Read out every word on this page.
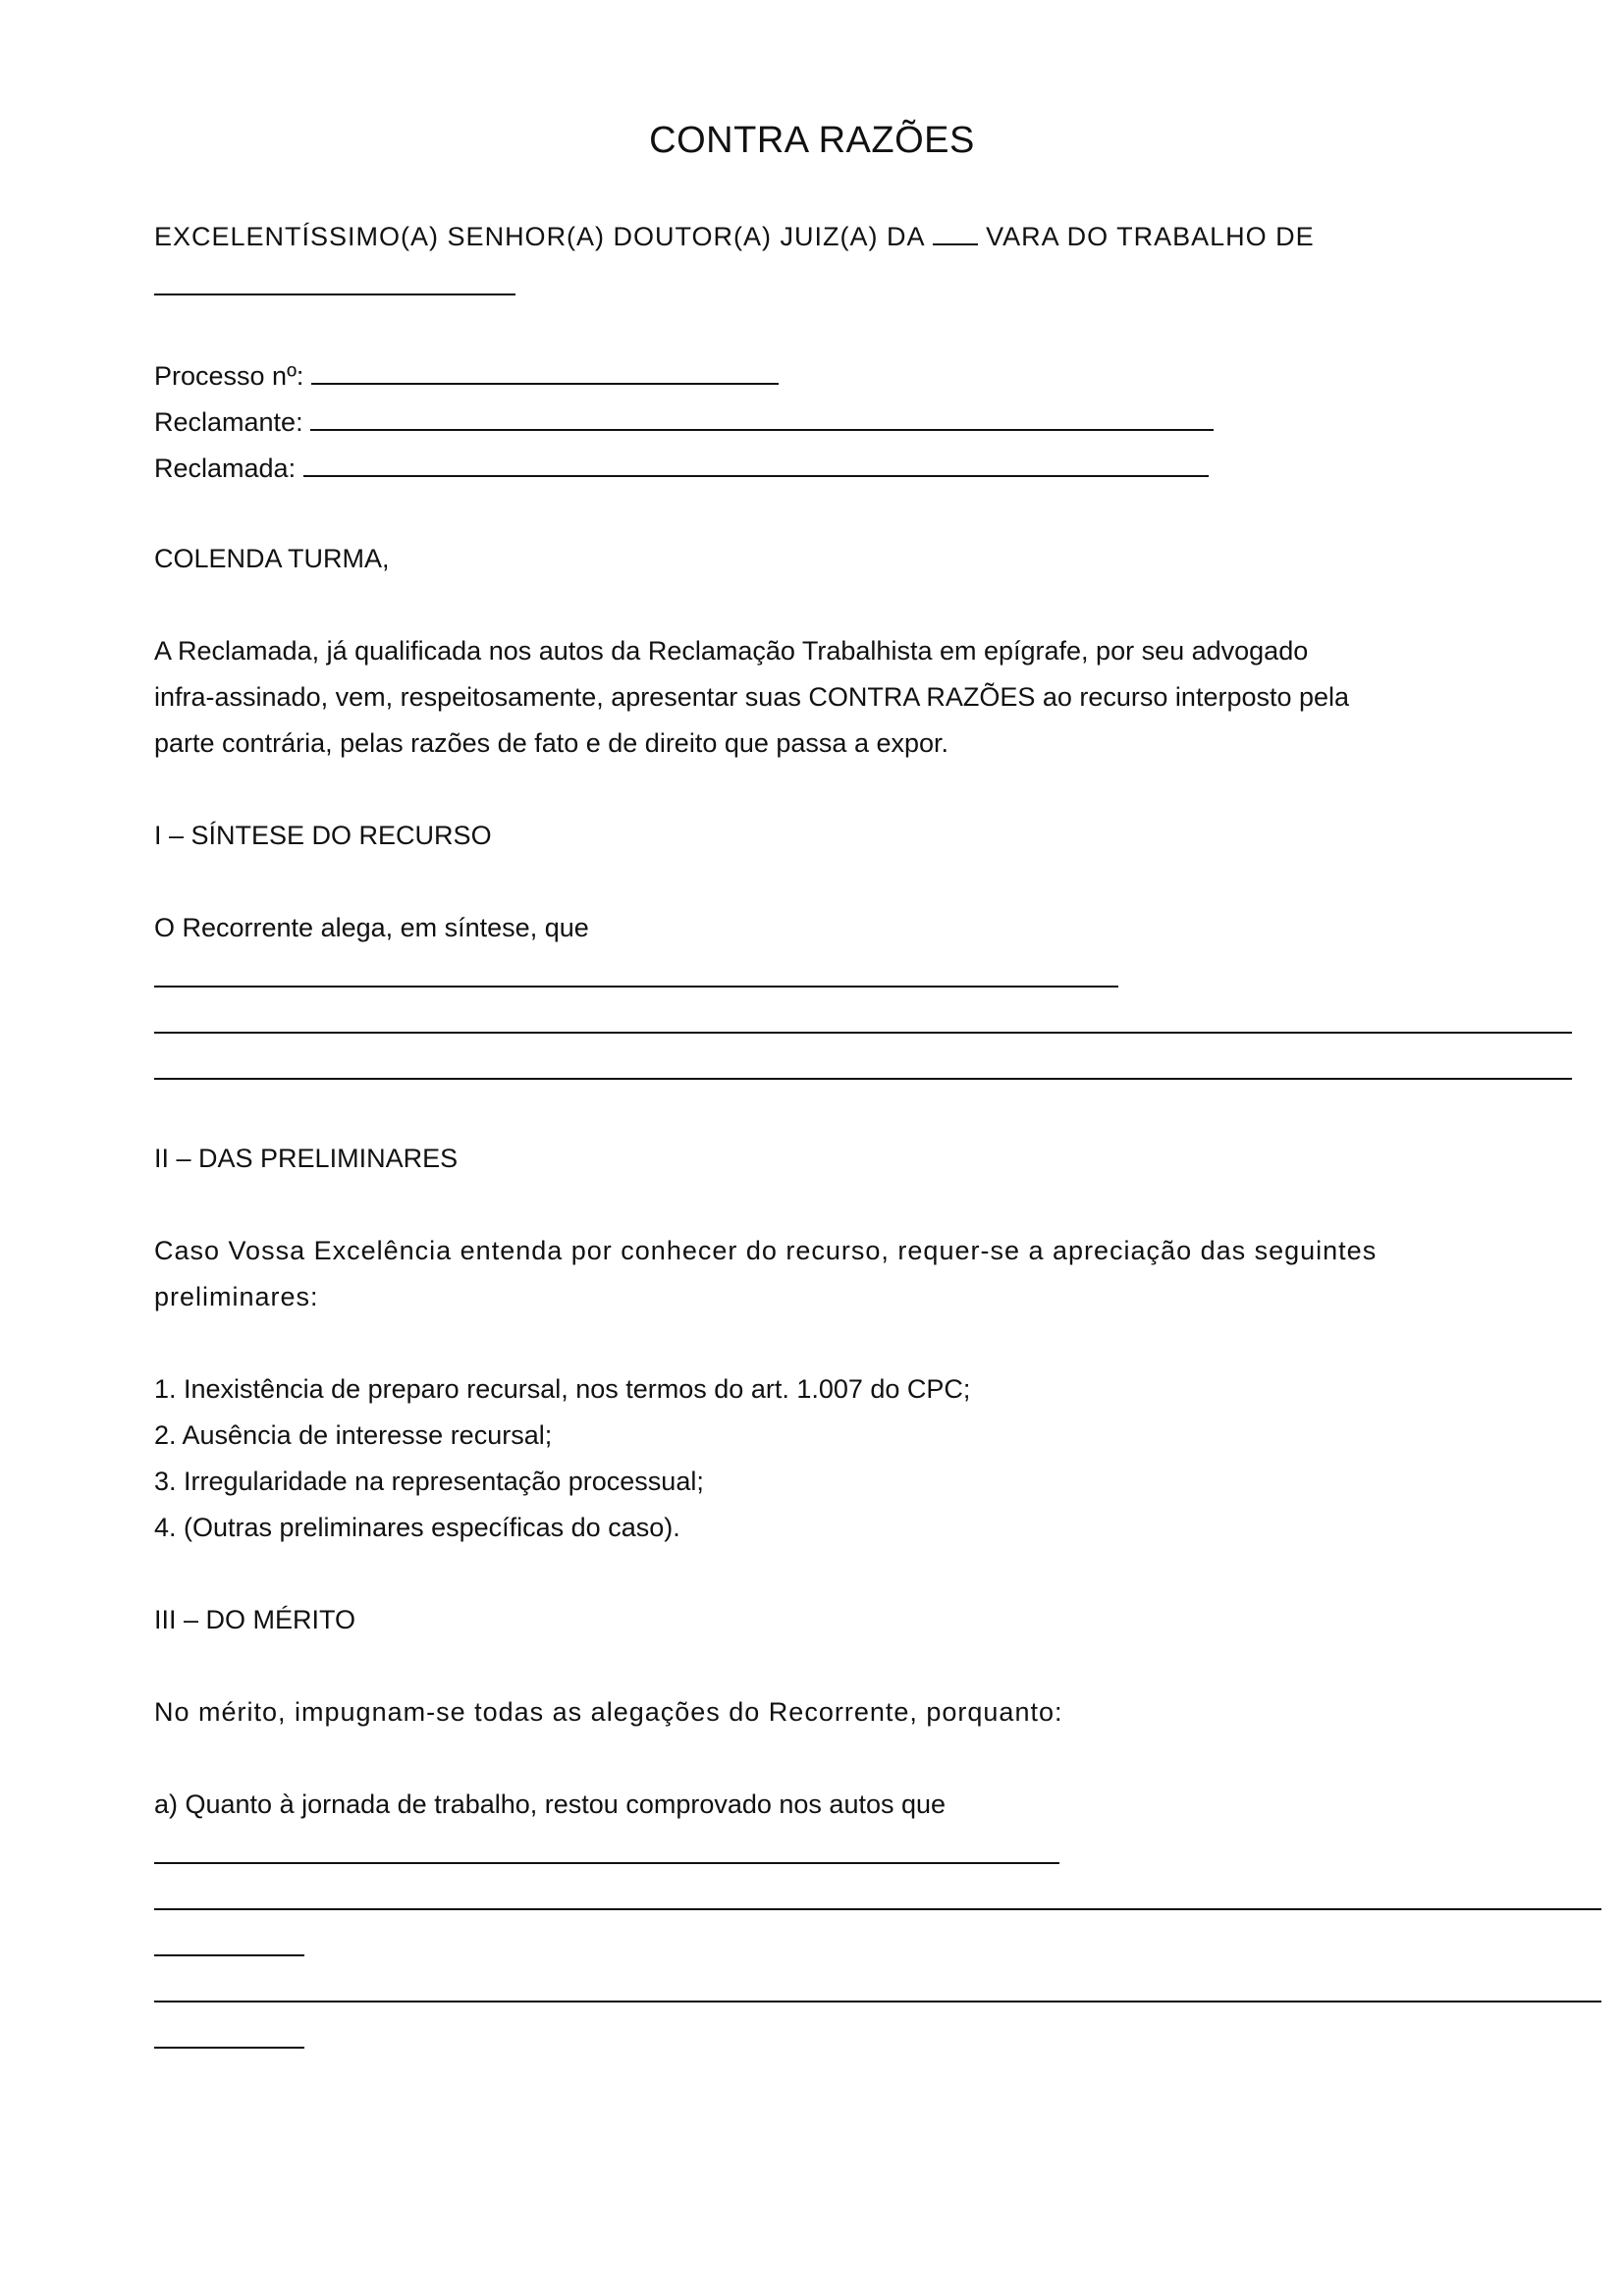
CONTRA RAZÕES
EXCELENTÍSSIMO(A) SENHOR(A) DOUTOR(A) JUIZ(A) DA VARA DO TRABALHO DE
Processo nº:
Reclamante:
Reclamada:
COLENDA TURMA,
A Reclamada, já qualificada nos autos da Reclamação Trabalhista em epígrafe, por seu advogado
infra-assinado, vem, respeitosamente, apresentar suas CONTRA RAZÕES ao recurso interposto pela
parte contrária, pelas razões de fato e de direito que passa a expor.
I – SÍNTESE DO RECURSO
O Recorrente alega, em síntese, que
II – DAS PRELIMINARES
Caso Vossa Excelência entenda por conhecer do recurso, requer-se a apreciação das seguintes
preliminares:
1. Inexistência de preparo recursal, nos termos do art. 1.007 do CPC;
2. Ausência de interesse recursal;
3. Irregularidade na representação processual;
4. (Outras preliminares específicas do caso).
III – DO MÉRITO
No mérito, impugnam-se todas as alegações do Recorrente, porquanto:
a) Quanto à jornada de trabalho, restou comprovado nos autos que
